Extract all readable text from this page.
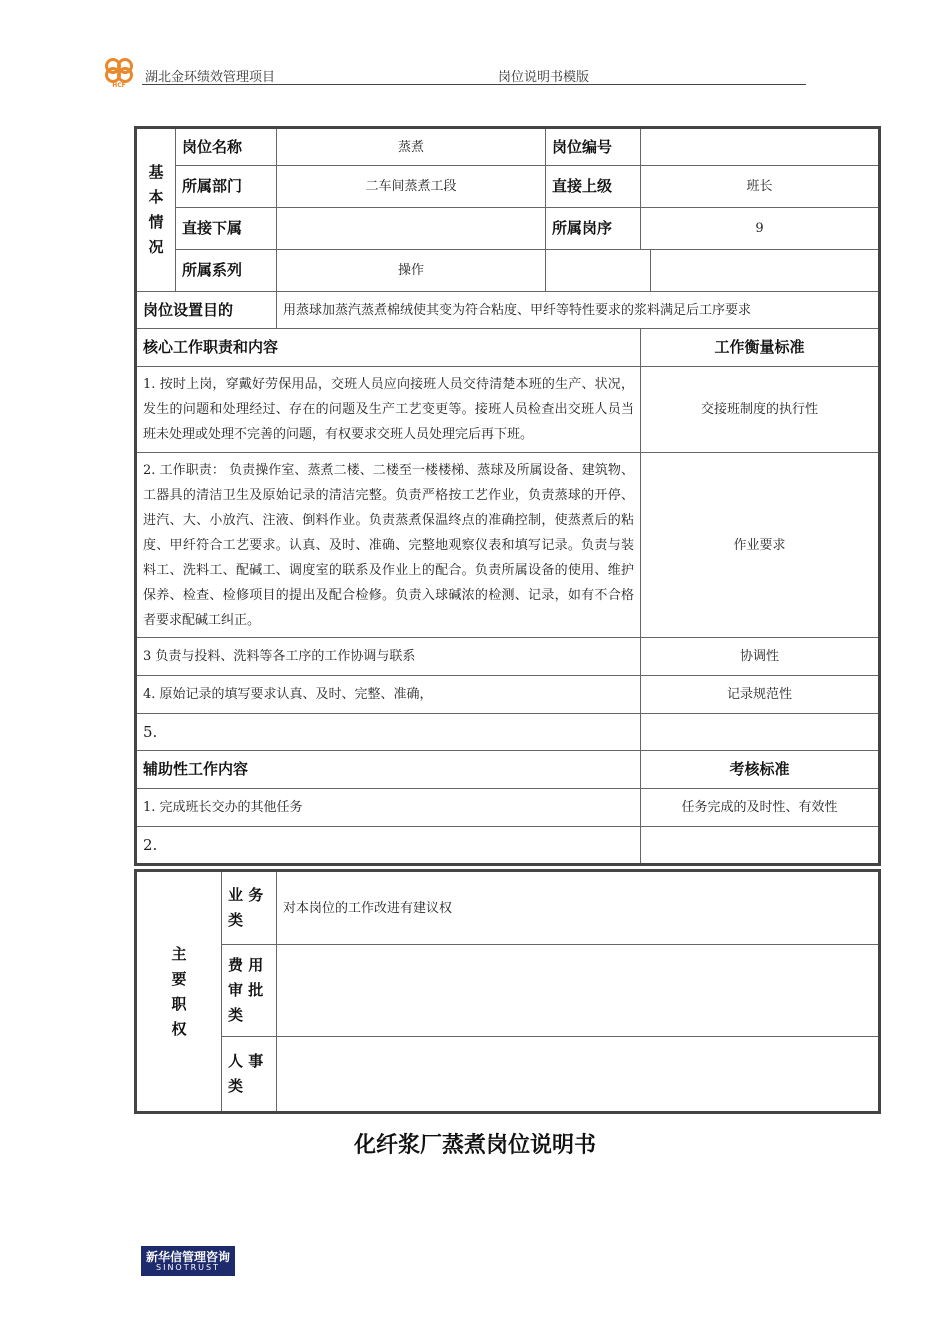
HCF
湖北金环绩效管理项目	岗位说明书模版
基
本
情
况	岗位名称	蒸煮	岗位编号		
	所属部门	二车间蒸煮工段	直接上级	班长	
	直接下属		所属岗序	9	
	所属系列	操作			
岗位设置目的		用蒸球加蒸汽蒸煮棉绒使其变为符合粘度、甲纤等特性要求的浆料满足后工序要求			
核心工作职责和内容				工作衡量标准	
1. 按时上岗，穿戴好劳保用品，交班人员应向接班人员交待清楚本班的生产、状况，发生的问题和处理经过、存在的问题及生产工艺变更等。接班人员检查出交班人员当班未处理或处理不完善的问题，有权要求交班人员处理完后再下班。				交接班制度的执行性	
2. 工作职责： 负责操作室、蒸煮二楼、二楼至一楼楼梯、蒸球及所属设备、建筑物、工器具的清洁卫生及原始记录的清洁完整。负责严格按工艺作业，负责蒸球的开停、进汽、大、小放汽、注液、倒料作业。负责蒸煮保温终点的准确控制，使蒸煮后的粘度、甲纤符合工艺要求。认真、及时、准确、完整地观察仪表和填写记录。负责与装料工、洗料工、配碱工、调度室的联系及作业上的配合。负责所属设备的使用、维护保养、检查、检修项目的提出及配合检修。负责入球碱浓的检测、记录，如有不合格者要求配碱工纠正。				作业要求	
3 负责与投料、洗料等各工序的工作协调与联系				协调性	
4. 原始记录的填写要求认真、及时、完整、准确，				记录规范性	
5.					
辅助性工作内容				考核标准	
1. 完成班长交办的其他任务				任务完成的及时性、有效性	
2.					
主
要
职
权	业 务
类	对本岗位的工作改进有建议权

	费 用
审 批
类	

	人 事
类	

化纤浆厂蒸煮岗位说明书
新华信管理咨询
SINOTRUST
